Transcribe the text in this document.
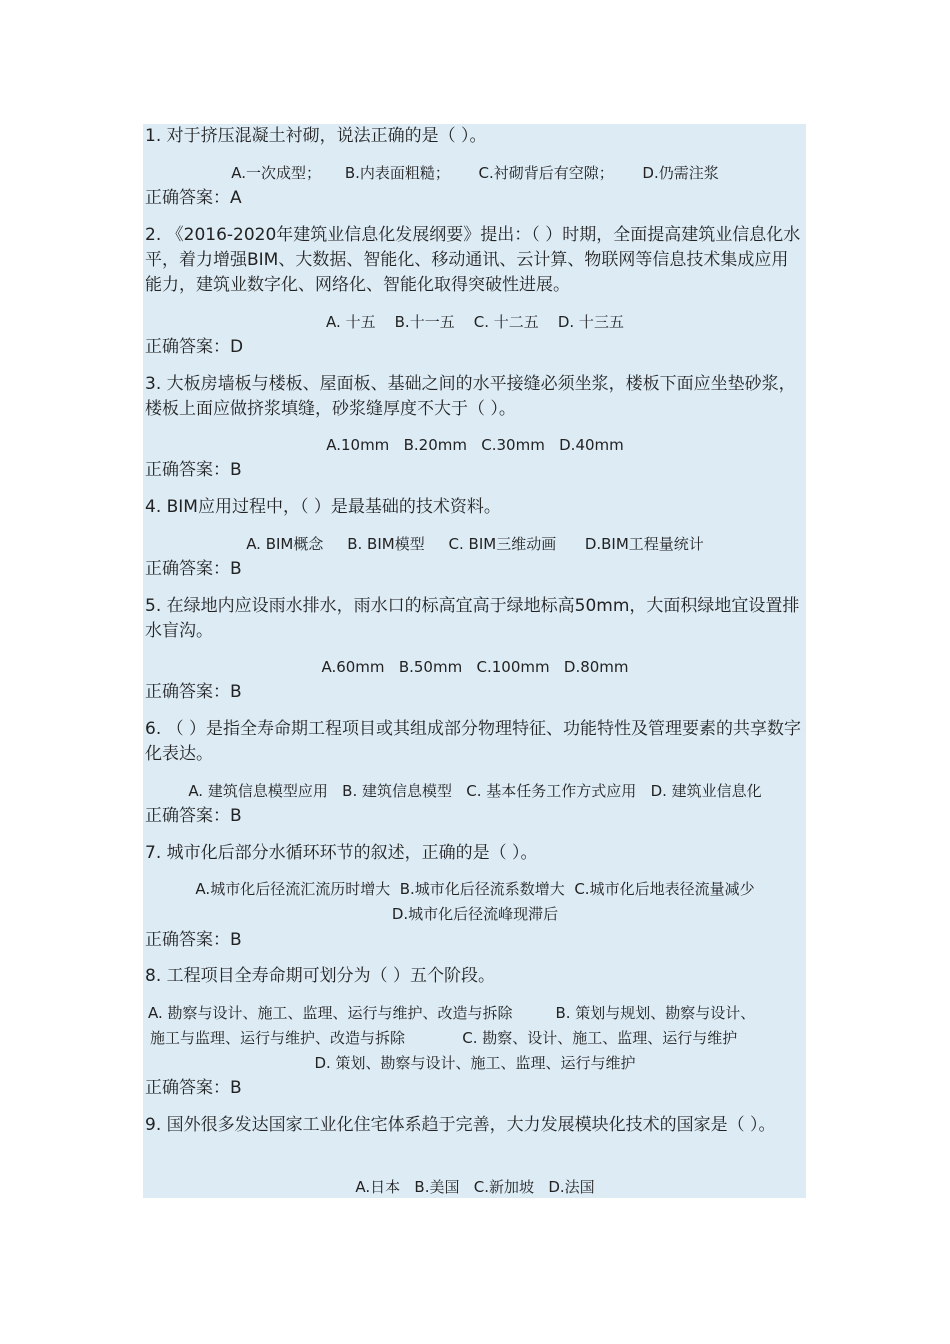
1. 对于挤压混凝土衬砌，说法正确的是（ ）。
A.一次成型；     B.内表面粗糙；      C.衬砌背后有空隙；      D.仍需注浆
正确答案：A
2. 《2016-2020年建筑业信息化发展纲要》提出：（ ）时期，全面提高建筑业信息化水平，着力增强BIM、大数据、智能化、移动通讯、云计算、物联网等信息技术集成应用能力，建筑业数字化、网络化、智能化取得突破性进展。
A. 十五    B.十一五    C. 十二五    D. 十三五
正确答案：D
3. 大板房墙板与楼板、屋面板、基础之间的水平接缝必须坐浆，楼板下面应坐垫砂浆，楼板上面应做挤浆填缝，砂浆缝厚度不大于（ ）。
A.10mm   B.20mm   C.30mm   D.40mm
正确答案：B
4. BIM应用过程中，（ ）是最基础的技术资料。
A. BIM概念     B. BIM模型     C. BIM三维动画      D.BIM工程量统计
正确答案：B
5. 在绿地内应设雨水排水，雨水口的标高宜高于绿地标高50mm，大面积绿地宜设置排水盲沟。
A.60mm   B.50mm   C.100mm   D.80mm
正确答案：B
6. （ ）是指全寿命期工程项目或其组成部分物理特征、功能特性及管理要素的共享数字化表达。
A. 建筑信息模型应用   B. 建筑信息模型   C. 基本任务工作方式应用   D. 建筑业信息化
正确答案：B
7. 城市化后部分水循环环节的叙述，正确的是（ ）。
A.城市化后径流汇流历时增大  B.城市化后径流系数增大  C.城市化后地表径流量减少
D.城市化后径流峰现滞后
正确答案：B
8. 工程项目全寿命期可划分为（ ）五个阶段。
A. 勘察与设计、施工、监理、运行与维护、改造与拆除         B. 策划与规划、勘察与设计、
施工与监理、运行与维护、改造与拆除            C. 勘察、设计、施工、监理、运行与维护
D. 策划、勘察与设计、施工、监理、运行与维护
正确答案：B
9. 国外很多发达国家工业化住宅体系趋于完善，大力发展模块化技术的国家是（ ）。
A.日本   B.美国   C.新加坡   D.法国
